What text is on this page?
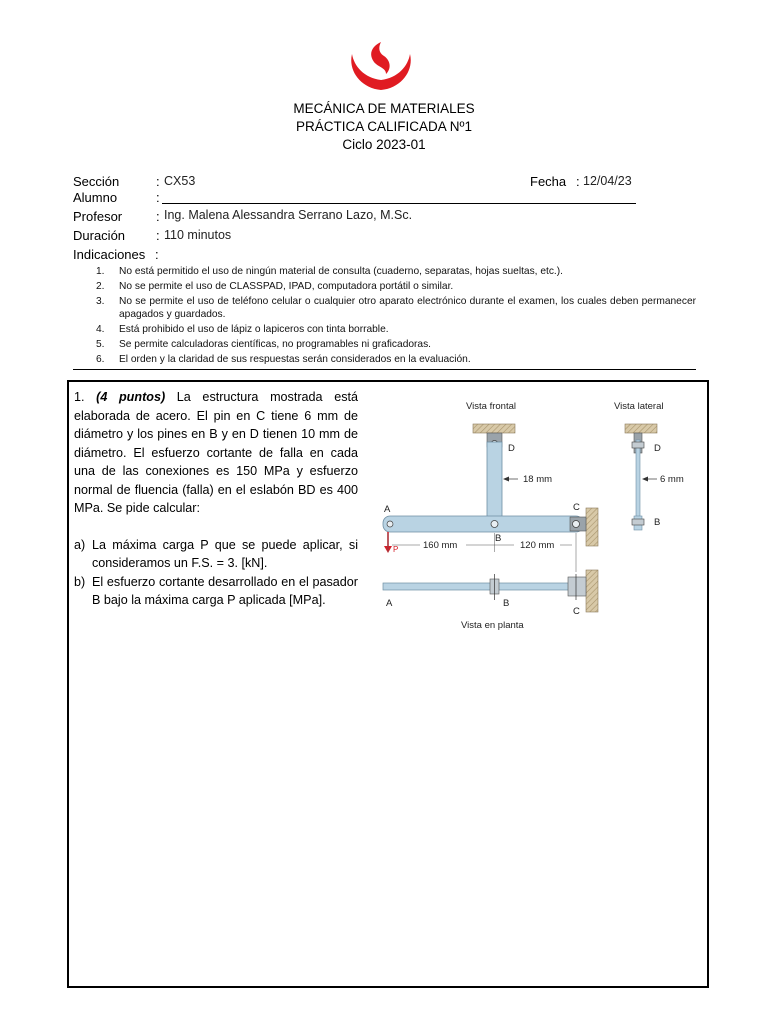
MECÁNICA DE MATERIALES
PRÁCTICA CALIFICADA Nº1
Ciclo 2023-01
Sección	: CX53	Fecha : 12/04/23
Alumno	:
Profesor	: Ing. Malena Alessandra Serrano Lazo, M.Sc.
Duración : 110 minutos
Indicaciones :
1.	No está permitido el uso de ningún material de consulta (cuaderno, separatas, hojas sueltas, etc.).
2.	No se permite el uso de CLASSPAD, IPAD, computadora portátil o similar.
3.	No se permite el uso de teléfono celular o cualquier otro aparato electrónico durante el examen, los cuales deben permanecer apagados y guardados.
4.	Está prohibido el uso de lápiz o lapiceros con tinta borrable.
5.	Se permite calculadoras científicas, no programables ni graficadoras.
6.	El orden y la claridad de sus respuestas serán considerados en la evaluación.

1. (4 puntos) La estructura mostrada está elaborada de acero. El pin en C tiene 6 mm de diámetro y los pines en B y en D tienen 10 mm de diámetro. El esfuerzo cortante de falla en cada una de las conexiones es 150 MPa y esfuerzo normal de fluencia (falla) en el eslabón BD es 400 MPa. Se pide calcular:

a) La máxima carga P que se puede aplicar, si consideramos un F.S. = 3. [kN].
b) El esfuerzo cortante desarrollado en el pasador B bajo la máxima carga P aplicada [MPa].
Vista frontal
D
18 mm
C
A
B
P	160 mm	120 mm
A	B
C
Vista en planta
Vista lateral
D
B
6 mm
